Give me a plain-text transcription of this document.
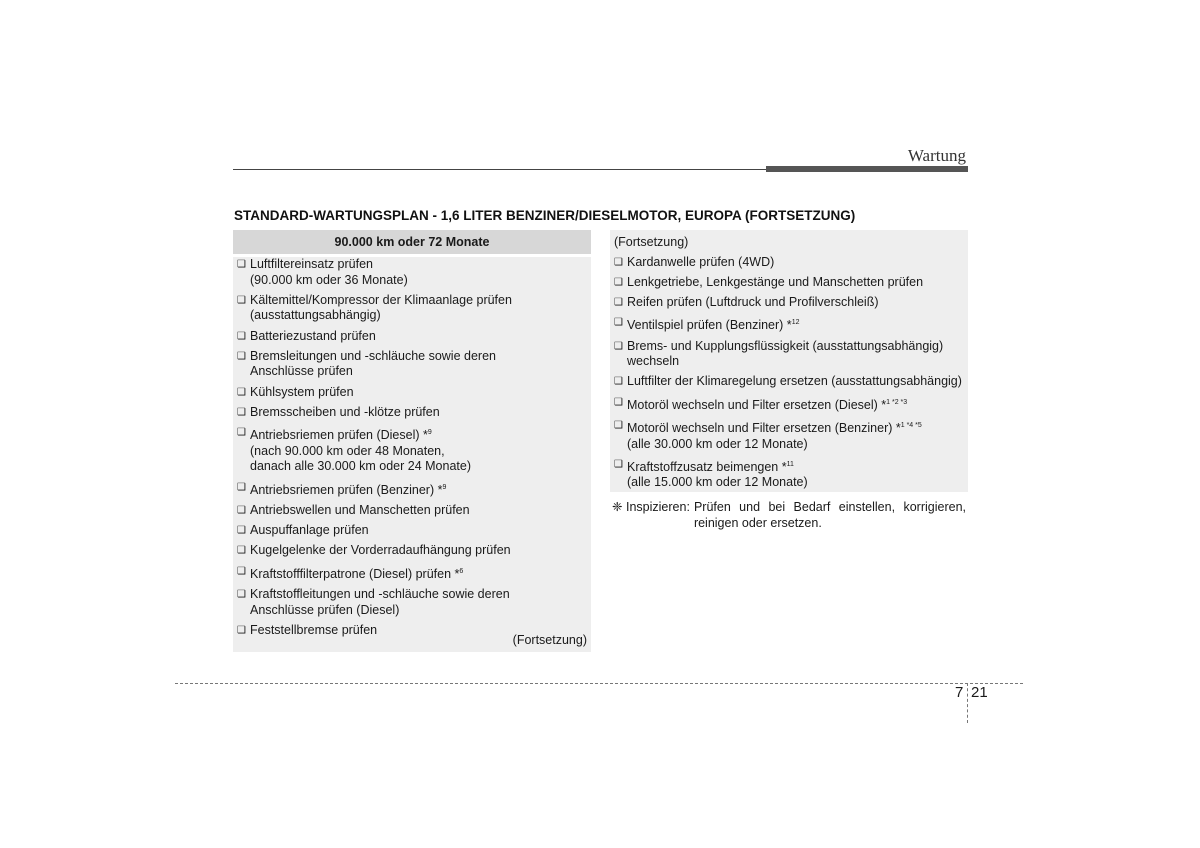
Wartung
STANDARD-WARTUNGSPLAN - 1,6 LITER BENZINER/DIESELMOTOR, EUROPA (FORTSETZUNG)
90.000 km oder 72 Monate
❑ Luftfiltereinsatz prüfen
(90.000 km oder 36 Monate)
❑ Kältemittel/Kompressor der Klimaanlage prüfen
(ausstattungsabhängig)
❑ Batteriezustand prüfen
❑ Bremsleitungen und -schläuche sowie deren
Anschlüsse prüfen
❑ Kühlsystem prüfen
❑ Bremsscheiben und -klötze prüfen
❑ Antriebsriemen prüfen (Diesel) *$^9$
(nach 90.000 km oder 48 Monaten,
danach alle 30.000 km oder 24 Monate)
❑ Antriebsriemen prüfen (Benziner) *$^9$
❑ Antriebswellen und Manschetten prüfen
❑ Auspuffanlage prüfen
❑ Kugelgelenke der Vorderradaufhängung prüfen
❑ Kraftstofffilterpatrone (Diesel) prüfen *$^6$
❑ Kraftstoffleitungen und -schläuche sowie deren
Anschlüsse prüfen (Diesel)
❑ Feststellbremse prüfen
(Fortsetzung)
(Fortsetzung)
❑ Kardanwelle prüfen (4WD)
❑ Lenkgetriebe, Lenkgestänge und Manschetten prüfen
❑ Reifen prüfen (Luftdruck und Profilverschleiß)
❑ Ventilspiel prüfen (Benziner) *$^{12}$
❑ Brems- und Kupplungsflüssigkeit (ausstattungsabhängig)
wechseln
❑ Luftfilter der Klimaregelung ersetzen (ausstattungsabhängig)
❑ Motoröl wechseln und Filter ersetzen (Diesel) *$^{1 *2 *3}$
❑ Motoröl wechseln und Filter ersetzen (Benziner) *$^{1 *4 *5}$
(alle 30.000 km oder 12 Monate)
❑ Kraftstoffzusatz beimengen *$^{11}$
(alle 15.000 km oder 12 Monate)
❈ Inspizieren: Prüfen und bei Bedarf einstellen, korrigieren, reinigen oder ersetzen.
7 21
